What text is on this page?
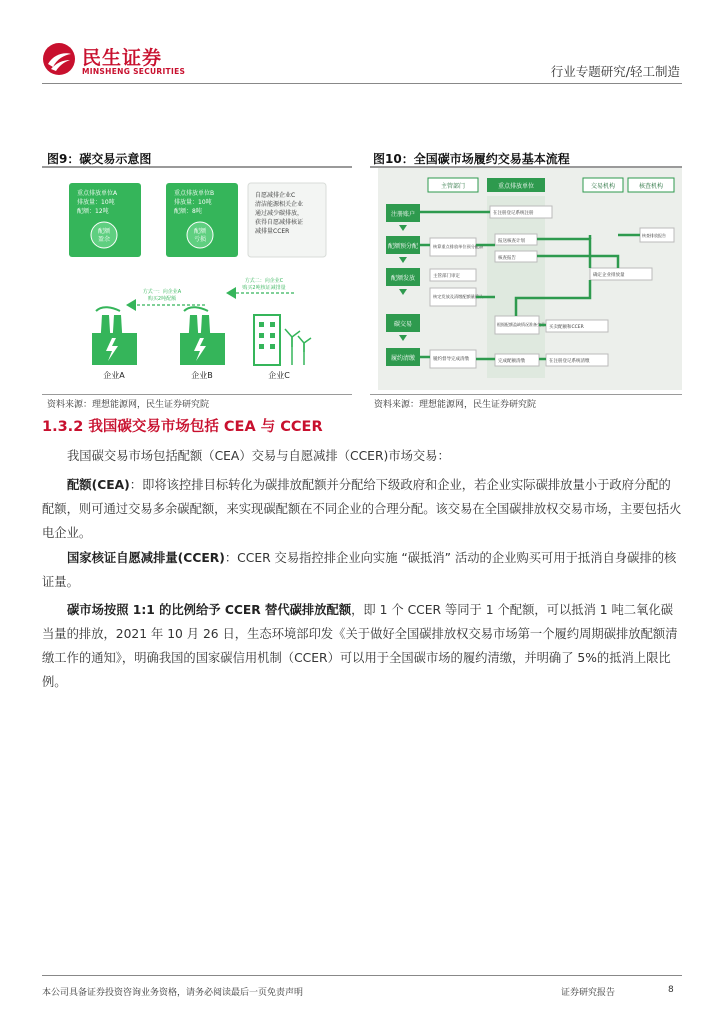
民生证券
MINSHENG SECURITIES	行业专题研究/轻工制造
图9：碳交易示意图
重点排放单位A
排放量：10吨
配额：12吨
配额
盈余
重点排放单位B
排放量：10吨
配额：8吨
配额
亏损
自愿减排企业C
清洁能源相关企业
通过减少碳排放，
获得自愿减排核证
减排量CCER
方式一：向企业A
购买2吨配额
方式二：向企业C
购买2吨核证减排量
企业A	企业B	企业C
资料来源：理想能源网，民生证券研究院
图10：全国碳市场履约交易基本流程
主管部门	重点排放单位	交易机构	核查机构
注册账户
配额预分配
配额发放
碳交易
履约清缴
核算重点排放单位预分配额
主管部门审定
核定发放及清缴配额量确认
履约督导完成清缴
在注册登记系统注册
报送核查计划
核查报告
核查排放报告
确定企业排放量
根据配额盈缺情况准备交易
买卖配额和CCER
完成配额清缴	在注册登记系统清缴
资料来源：理想能源网，民生证券研究院
1.3.2 我国碳交易市场包括 CEA 与 CCER

我国碳交易市场包括配额（CEA）交易与自愿减排（CCER)市场交易：

配额(CEA)：即将该控排目标转化为碳排放配额并分配给下级政府和企业，若企业实际碳排放量小于政府分配的配额，则可通过交易多余碳配额，来实现碳配额在不同企业的合理分配。该交易在全国碳排放权交易市场，主要包括火电企业。

国家核证自愿减排量(CCER)：CCER 交易指控排企业向实施 “碳抵消” 活动的企业购买可用于抵消自身碳排的核证量。

碳市场按照 1:1 的比例给予 CCER 替代碳排放配额，即 1 个 CCER 等同于 1 个配额，可以抵消 1 吨二氧化碳当量的排放，2021 年 10 月 26 日，生态环境部印发《关于做好全国碳排放权交易市场第一个履约周期碳排放配额清缴工作的通知》，明确我国的国家碳信用机制（CCER）可以用于全国碳市场的履约清缴，并明确了 5%的抵消上限比例。

本公司具备证券投资咨询业务资格，请务必阅读最后一页免责声明	证券研究报告	8
